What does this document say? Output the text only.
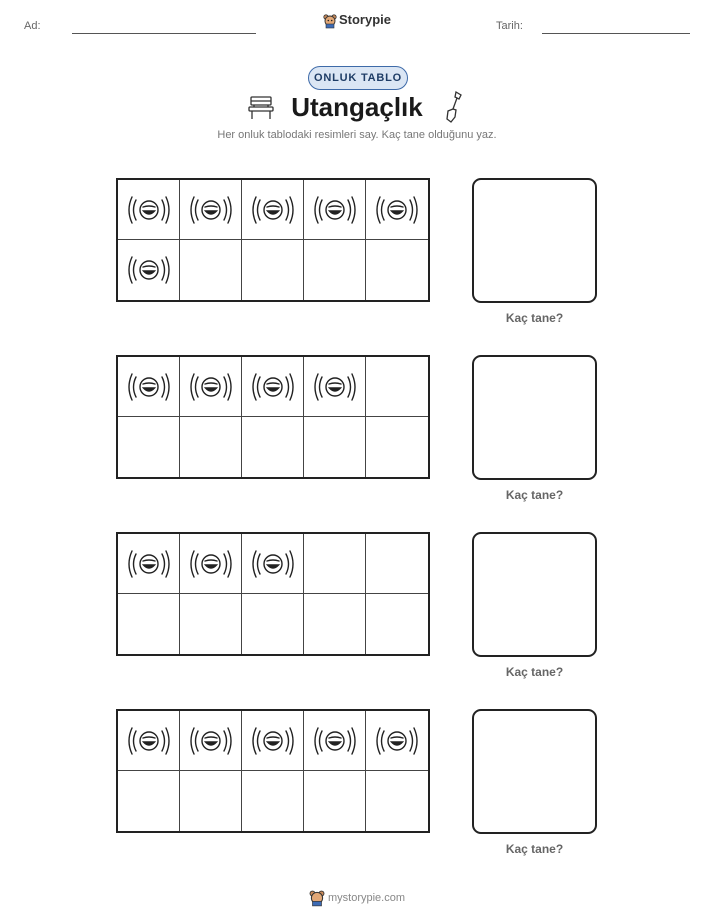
Ad:	Tarih:
Storypie
ONLUK TABLO
Utangaçlık
Her onluk tablodaki resimleri say. Kaç tane olduğunu yaz.
Kaç tane?
Kaç tane?
Kaç tane?
Kaç tane?
mystorypie.com
